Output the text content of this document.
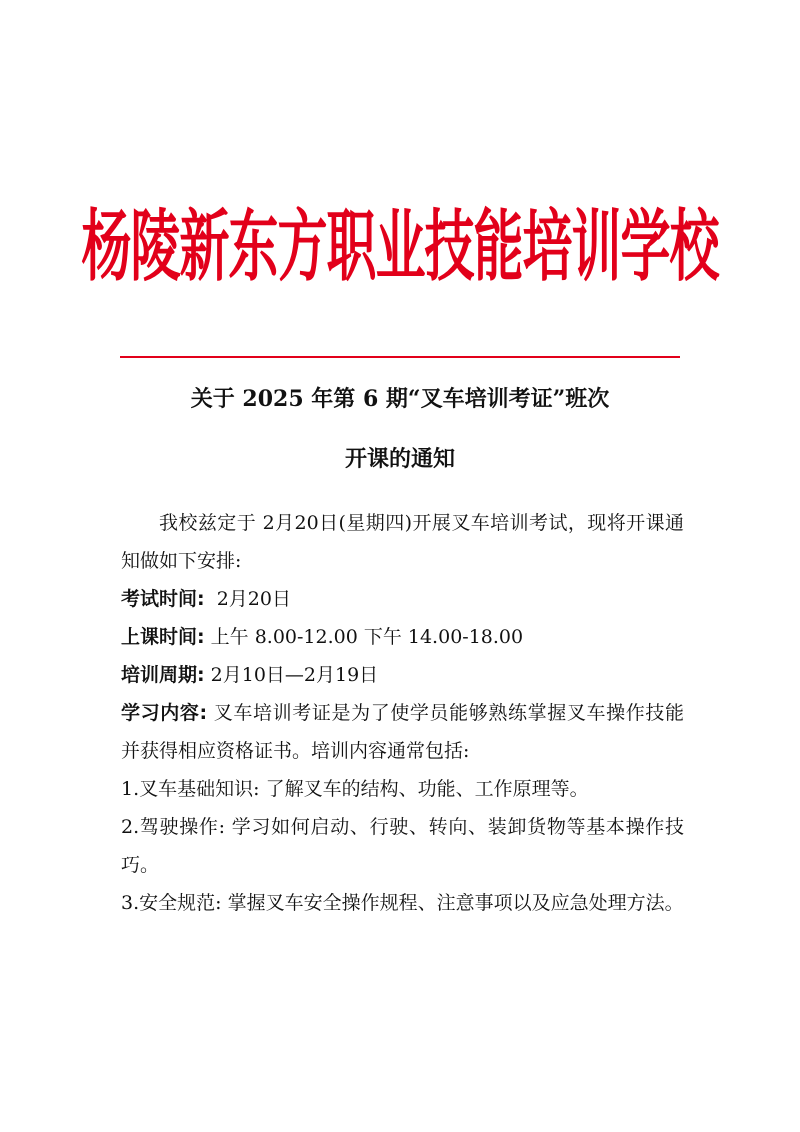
杨陵新东方职业技能培训学校
关于 2025 年第 6 期“叉车培训考证”班次
开课的通知

我校兹定于 2月20日(星期四)开展叉车培训考试，现将开课通知做如下安排:

考试时间:  2月20日

上课时间: 上午 8.00-12.00 下午 14.00-18.00

培训周期: 2月10日—2月19日

学习内容: 叉车培训考证是为了使学员能够熟练掌握叉车操作技能并获得相应资格证书。培训内容通常包括:

1.叉车基础知识: 了解叉车的结构、功能、工作原理等。

2.驾驶操作: 学习如何启动、行驶、转向、装卸货物等基本操作技巧。

3.安全规范: 掌握叉车安全操作规程、注意事项以及应急处理方法。
